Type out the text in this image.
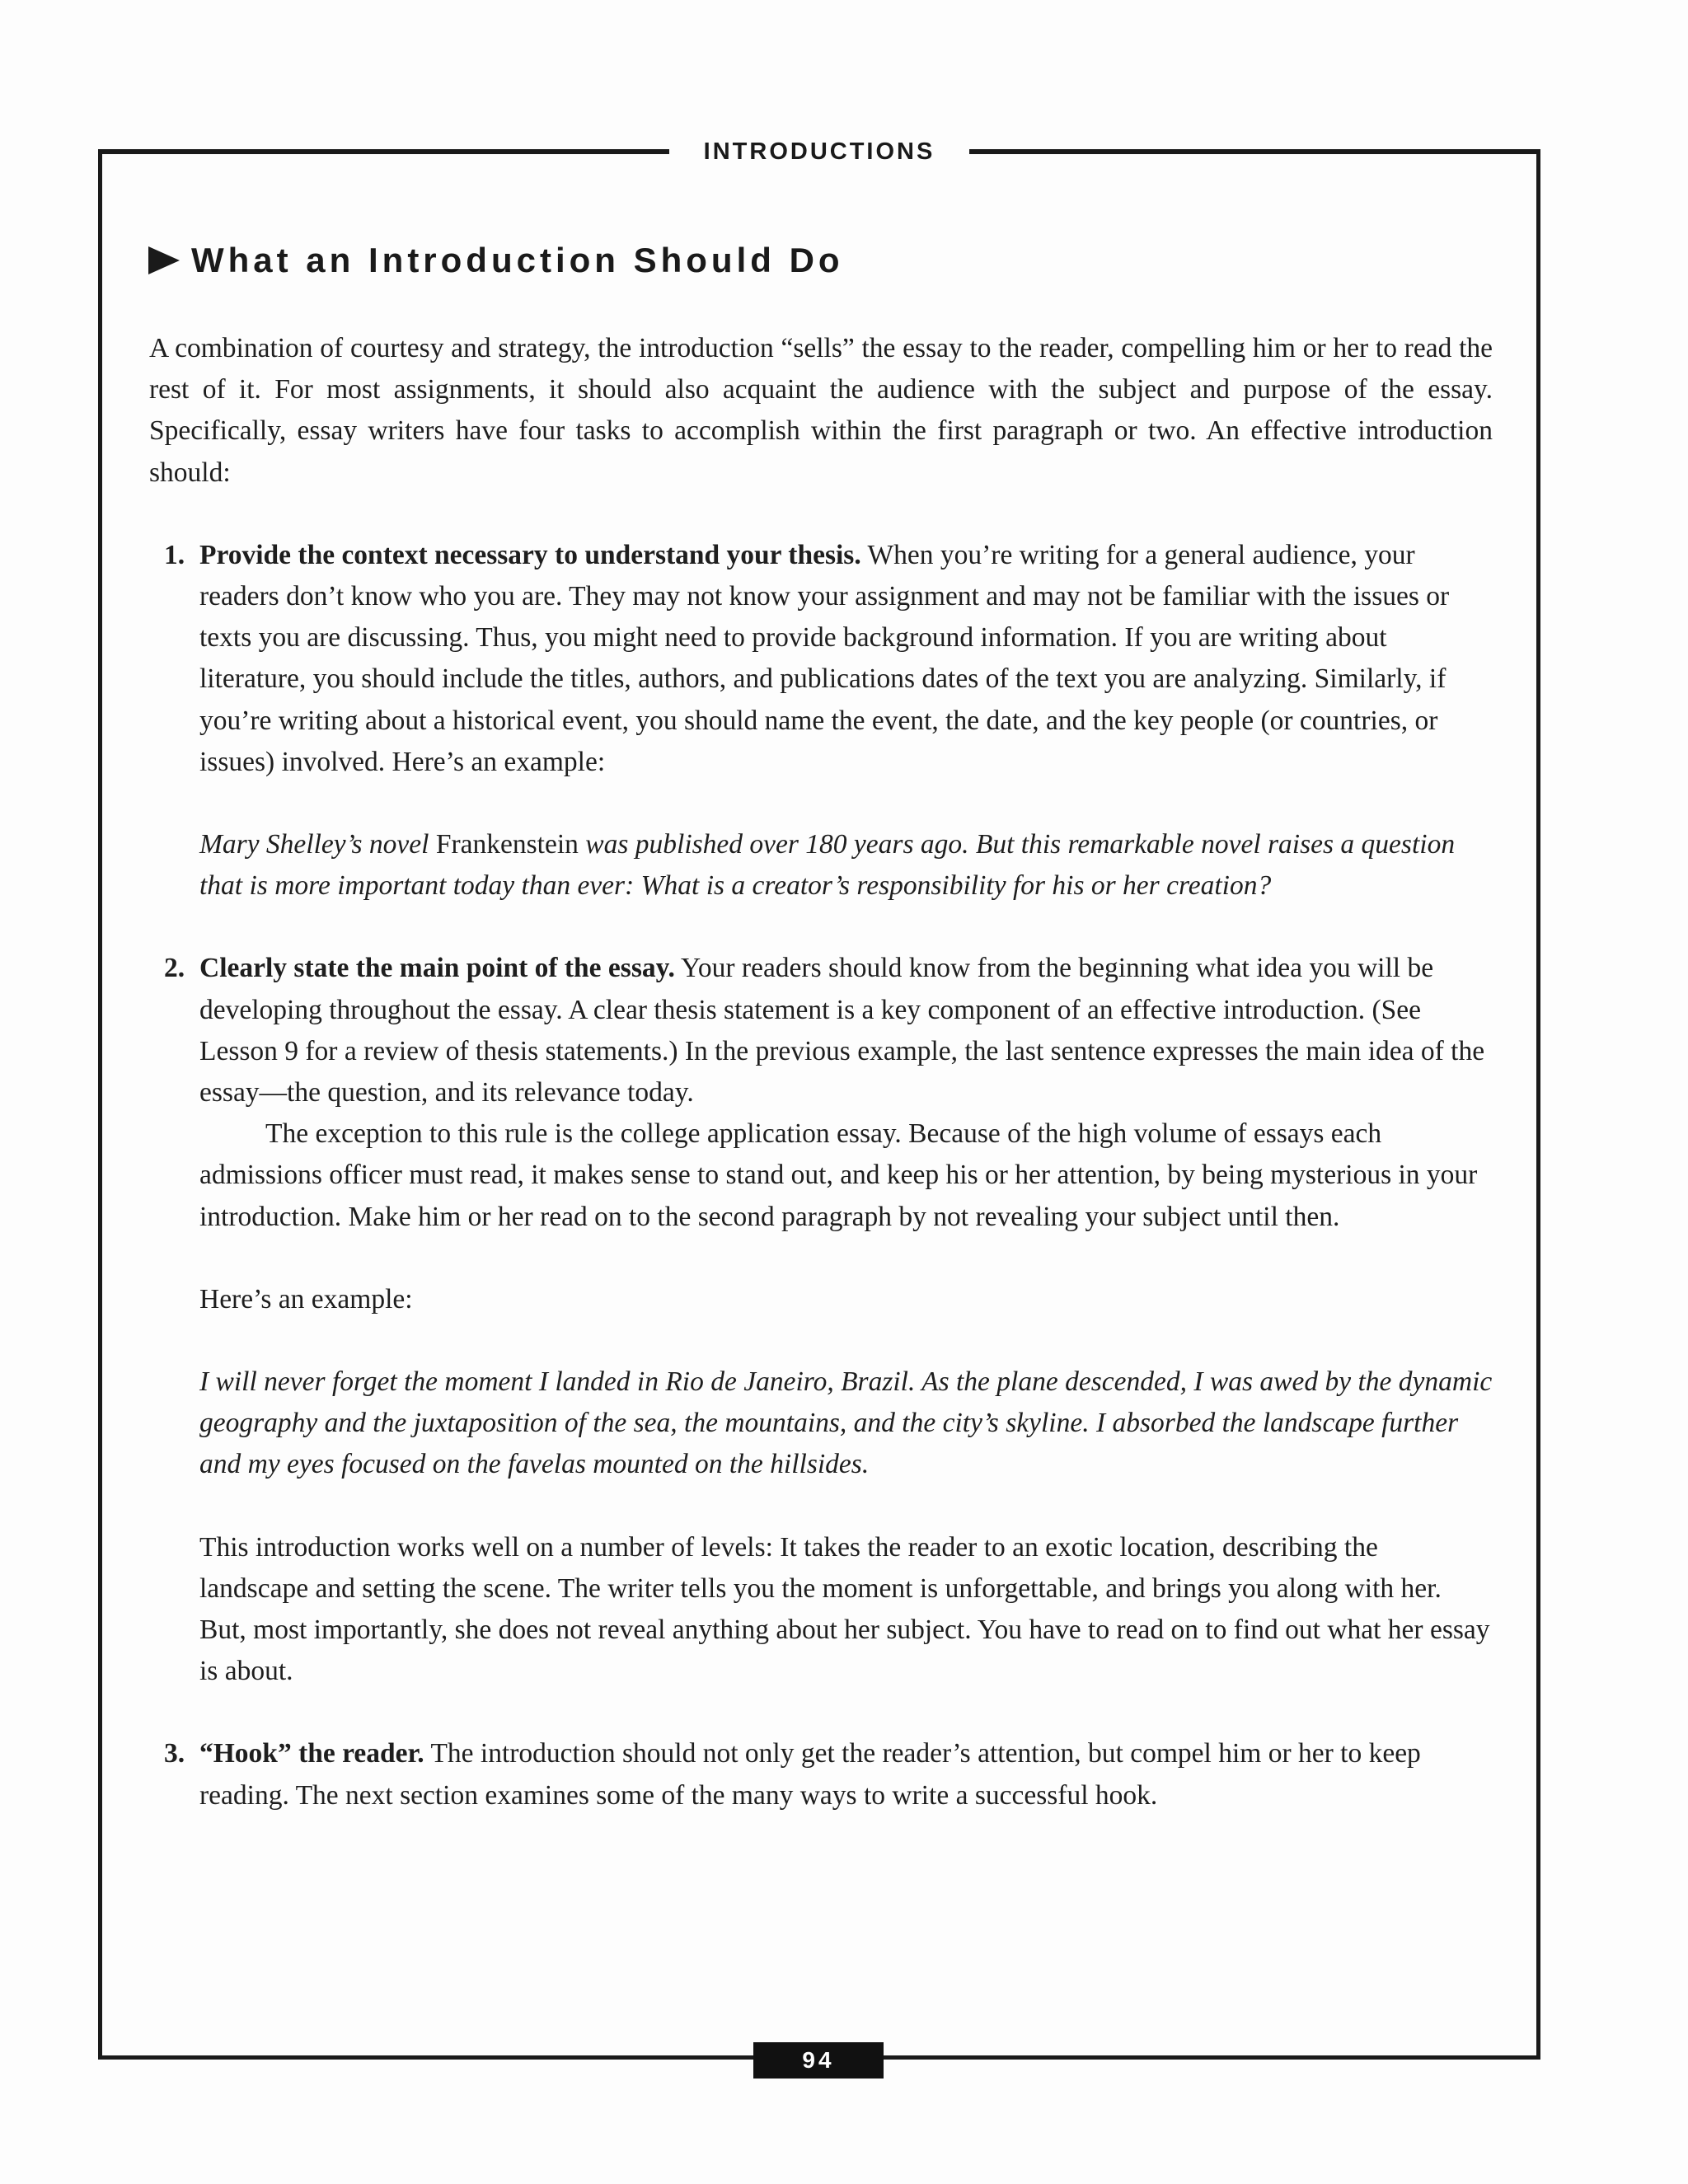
INTRODUCTIONS
What an Introduction Should Do

A combination of courtesy and strategy, the introduction “sells” the essay to the reader, compelling him or her to read the rest of it. For most assignments, it should also acquaint the audience with the subject and purpose of the essay. Specifically, essay writers have four tasks to accomplish within the first paragraph or two. An effective introduction should:

1. Provide the context necessary to understand your thesis. When you’re writing for a general audience, your readers don’t know who you are. They may not know your assignment and may not be familiar with the issues or texts you are discussing. Thus, you might need to provide background information. If you are writing about literature, you should include the titles, authors, and publications dates of the text you are analyzing. Similarly, if you’re writing about a historical event, you should name the event, the date, and the key people (or countries, or issues) involved. Here’s an example:

Mary Shelley’s novel Frankenstein was published over 180 years ago. But this remarkable novel raises a question that is more important today than ever: What is a creator’s responsibility for his or her creation?

2. Clearly state the main point of the essay. Your readers should know from the beginning what idea you will be developing throughout the essay. A clear thesis statement is a key component of an effective introduction. (See Lesson 9 for a review of thesis statements.) In the previous example, the last sentence expresses the main idea of the essay—the question, and its relevance today.

The exception to this rule is the college application essay. Because of the high volume of essays each admissions officer must read, it makes sense to stand out, and keep his or her attention, by being mysterious in your introduction. Make him or her read on to the second paragraph by not revealing your subject until then.

Here’s an example:

I will never forget the moment I landed in Rio de Janeiro, Brazil. As the plane descended, I was awed by the dynamic geography and the juxtaposition of the sea, the mountains, and the city’s skyline. I absorbed the landscape further and my eyes focused on the favelas mounted on the hillsides.

This introduction works well on a number of levels: It takes the reader to an exotic location, describing the landscape and setting the scene. The writer tells you the moment is unforgettable, and brings you along with her. But, most importantly, she does not reveal anything about her subject. You have to read on to find out what her essay is about.

3. “Hook” the reader. The introduction should not only get the reader’s attention, but compel him or her to keep reading. The next section examines some of the many ways to write a successful hook.

94
